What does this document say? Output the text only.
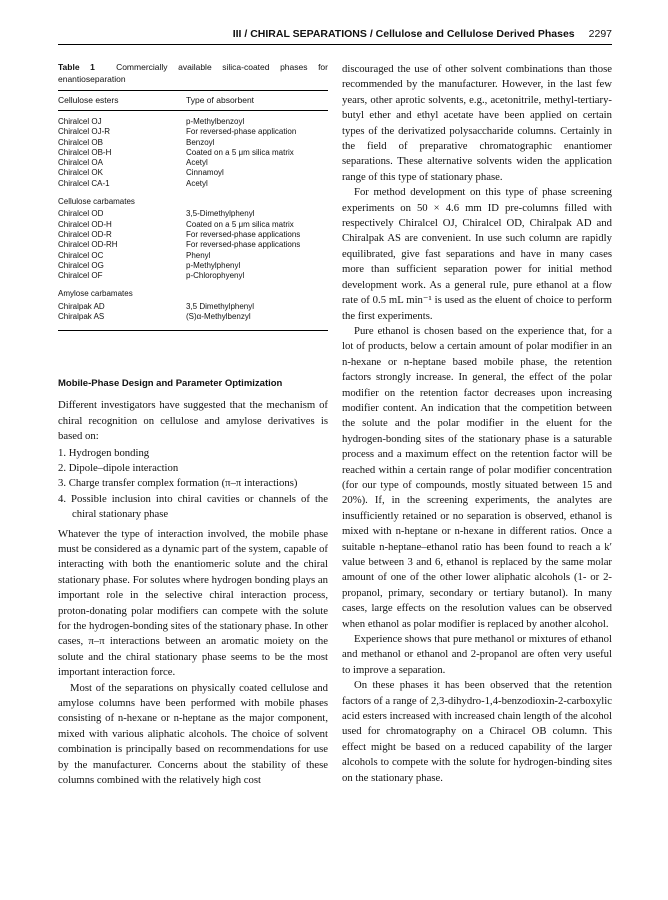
III / CHIRAL SEPARATIONS / Cellulose and Cellulose Derived Phases 2297
Table 1 Commercially available silica-coated phases for enantioseparation
Cellulose esters	Type of absorbent
Chiralcel OJ	p-Methylbenzoyl
Chiralcel OJ-R	For reversed-phase application
Chiralcel OB	Benzoyl
Chiralcel OB-H	Coated on a 5 μm silica matrix
Chiralcel OA	Acetyl
Chiralcel OK	Cinnamoyl
Chiralcel CA-1	Acetyl
Cellulose carbamates
Chiralcel OD	3,5-Dimethylphenyl
Chiralcel OD-H	Coated on a 5 μm silica matrix
Chiralcel OD-R	For reversed-phase applications
Chiralcel OD-RH	For reversed-phase applications
Chiralcel OC	Phenyl
Chiralcel OG	p-Methylphenyl
Chiralcel OF	p-Chlorophyenyl
Amylose carbamates
Chiralpak AD	3,5 Dimethylphenyl
Chiralpak AS	(S)α-Methylbenzyl
Mobile-Phase Design and Parameter Optimization

Different investigators have suggested that the mechanism of chiral recognition on cellulose and amylose derivatives is based on:

1. Hydrogen bonding
2. Dipole–dipole interaction
3. Charge transfer complex formation (π–π interactions)
4. Possible inclusion into chiral cavities or channels of the chiral stationary phase

Whatever the type of interaction involved, the mobile phase must be considered as a dynamic part of the system, capable of interacting with both the enantiomeric solute and the chiral stationary phase. For solutes where hydrogen bonding plays an important role in the selective chiral interaction process, proton-donating polar modifiers can compete with the solute for the hydrogen-bonding sites of the stationary phase. In other cases, π–π interactions between an aromatic moiety on the solute and the chiral stationary phase seems to be the most important interaction force.

Most of the separations on physically coated cellulose and amylose columns have been performed with mobile phases consisting of n-hexane or n-heptane as the major component, mixed with various aliphatic alcohols. The choice of solvent combination is principally based on recommendations for use by the manufacturer. Concerns about the stability of these columns combined with the relatively high cost

discouraged the use of other solvent combinations than those recommended by the manufacturer. However, in the last few years, other aprotic solvents, e.g., acetonitrile, methyl-tertiary-butyl ether and ethyl acetate have been applied on certain types of the derivatized polysaccharide columns. Certainly in the field of preparative chromatographic enantiomer separations. These alternative solvents widen the application range of this type of stationary phase.

For method development on this type of phase screening experiments on 50 × 4.6 mm ID pre-columns filled with respectively Chiralcel OJ, Chiralcel OD, Chiralpak AD and Chiralpak AS are convenient. In use such column are rapidly equilibrated, give fast separations and have in many cases more than sufficient separation power for initial method development work. As a general rule, pure ethanol at a flow rate of 0.5 mL min⁻¹ is used as the eluent of choice to perform the first experiments.

Pure ethanol is chosen based on the experience that, for a lot of products, below a certain amount of polar modifier in an n-hexane or n-heptane based mobile phase, the retention factors strongly increase. In general, the effect of the polar modifier on the retention factor decreases upon increasing modifier content. An indication that the competition between the solute and the polar modifier in the eluent for the hydrogen-bonding sites of the stationary phase is a saturable process and a maximum effect on the retention factor will be reached within a certain range of polar modifier concentration (for our type of compounds, mostly situated between 15 and 20%). If, in the screening experiments, the analytes are insufficiently retained or no separation is observed, ethanol is mixed with n-heptane or n-hexane in different ratios. Once a suitable n-heptane–ethanol ratio has been found to reach a k′ value between 3 and 6, ethanol is replaced by the same molar amount of one of the other lower aliphatic alcohols (1- or 2-propanol, primary, secondary or tertiary butanol). In many cases, large effects on the resolution values can be observed when ethanol as polar modifier is replaced by another alcohol.

Experience shows that pure methanol or mixtures of ethanol and methanol or ethanol and 2-propanol are often very useful to improve a separation.

On these phases it has been observed that the retention factors of a range of 2,3-dihydro-1,4-benzodioxin-2-carboxylic acid esters increased with increased chain length of the alcohol used for chromatography on a Chiracel OB column. This effect might be based on a reduced capability of the larger alcohols to compete with the solute for hydrogen-binding sites on the stationary phase.
